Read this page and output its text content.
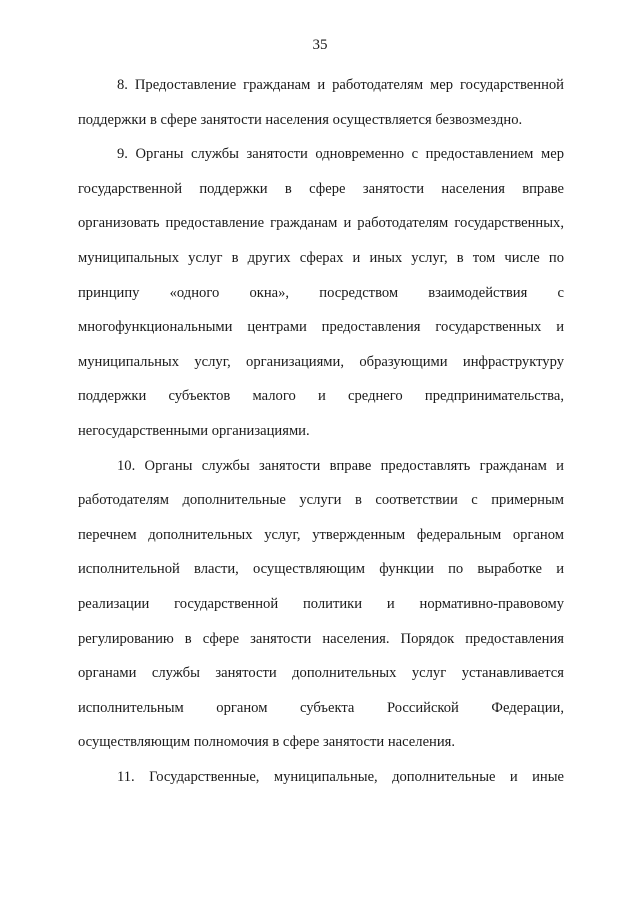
35

8. Предоставление гражданам и работодателям мер государственной поддержки в сфере занятости населения осуществляется безвозмездно.

9. Органы службы занятости одновременно с предоставлением мер государственной поддержки в сфере занятости населения вправе организовать предоставление гражданам и работодателям государственных, муниципальных услуг в других сферах и иных услуг, в том числе по принципу «одного окна», посредством взаимодействия с многофункциональными центрами предоставления государственных и муниципальных услуг, организациями, образующими инфраструктуру поддержки субъектов малого и среднего предпринимательства, негосударственными организациями.

10. Органы службы занятости вправе предоставлять гражданам и работодателям дополнительные услуги в соответствии с примерным перечнем дополнительных услуг, утвержденным федеральным органом исполнительной власти, осуществляющим функции по выработке и реализации государственной политики и нормативно-правовому регулированию в сфере занятости населения. Порядок предоставления органами службы занятости дополнительных услуг устанавливается исполнительным органом субъекта Российской Федерации, осуществляющим полномочия в сфере занятости населения.

11. Государственные, муниципальные, дополнительные и иные
